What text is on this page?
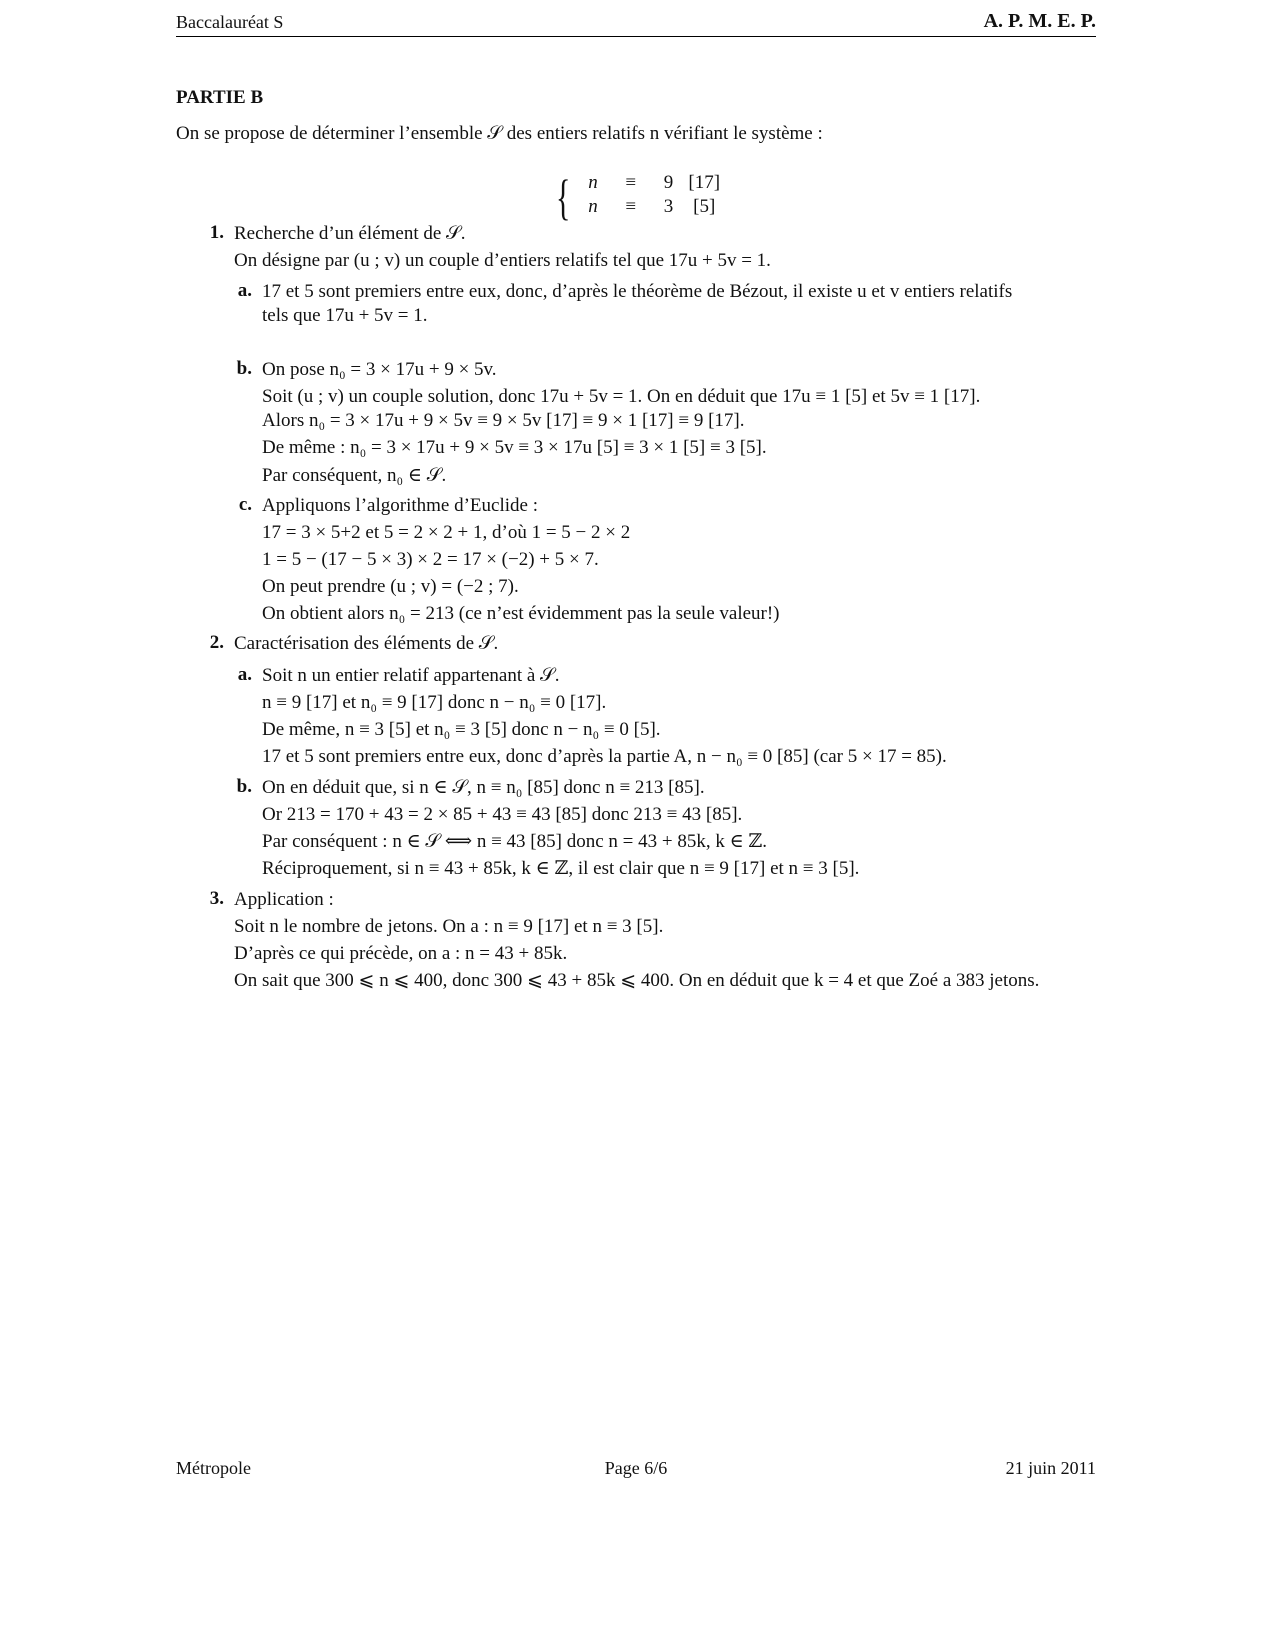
Baccalauréat S	A. P. M. E. P.
PARTIE B
On se propose de déterminer l’ensemble 𝒮 des entiers relatifs n vérifiant le système :
{ n ≡ 9 [17]
n ≡ 3 [5]
1. Recherche d’un élément de 𝒮.
On désigne par (u ; v) un couple d’entiers relatifs tel que 17u + 5v = 1.
a. 17 et 5 sont premiers entre eux, donc, d’après le théorème de Bézout, il existe u et v entiers relatifs
tels que 17u + 5v = 1.
b. On pose n₀ = 3 × 17u + 9 × 5v.
Soit (u ; v) un couple solution, donc 17u + 5v = 1. On en déduit que 17u ≡ 1 [5] et 5v ≡ 1 [17].
Alors n₀ = 3 × 17u + 9 × 5v ≡ 9 × 5v [17] ≡ 9 × 1 [17] ≡ 9 [17].
De même : n₀ = 3 × 17u + 9 × 5v ≡ 3 × 17u [5] ≡ 3 × 1 [5] ≡ 3 [5].
Par conséquent, n₀ ∈ 𝒮.
c. Appliquons l’algorithme d’Euclide :
17 = 3 × 5+2 et 5 = 2 × 2 + 1, d’où 1 = 5 − 2 × 2
1 = 5 − (17 − 5 × 3) × 2 = 17 × (−2) + 5 × 7.
On peut prendre (u ; v) = (−2 ; 7).
On obtient alors n₀ = 213 (ce n’est évidemment pas la seule valeur!)
2. Caractérisation des éléments de 𝒮.
a. Soit n un entier relatif appartenant à 𝒮.
n ≡ 9 [17] et n₀ ≡ 9 [17] donc n − n₀ ≡ 0 [17].
De même, n ≡ 3 [5] et n₀ ≡ 3 [5] donc n − n₀ ≡ 0 [5].
17 et 5 sont premiers entre eux, donc d’après la partie A, n − n₀ ≡ 0 [85] (car 5 × 17 = 85).
b. On en déduit que, si n ∈ 𝒮, n ≡ n₀ [85] donc n ≡ 213 [85].
Or 213 = 170 + 43 = 2 × 85 + 43 ≡ 43 [85] donc 213 ≡ 43 [85].
Par conséquent : n ∈ 𝒮 ⟺ n ≡ 43 [85] donc n = 43 + 85k, k ∈ ℤ.
Réciproquement, si n ≡ 43 + 85k, k ∈ ℤ, il est clair que n ≡ 9 [17] et n ≡ 3 [5].
3. Application :
Soit n le nombre de jetons. On a : n ≡ 9 [17] et n ≡ 3 [5].
D’après ce qui précède, on a : n = 43 + 85k.
On sait que 300 ⩽ n ⩽ 400, donc 300 ⩽ 43 + 85k ⩽ 400. On en déduit que k = 4 et que Zoé a 383 jetons.
Métropole	Page 6/6	21 juin 2011
